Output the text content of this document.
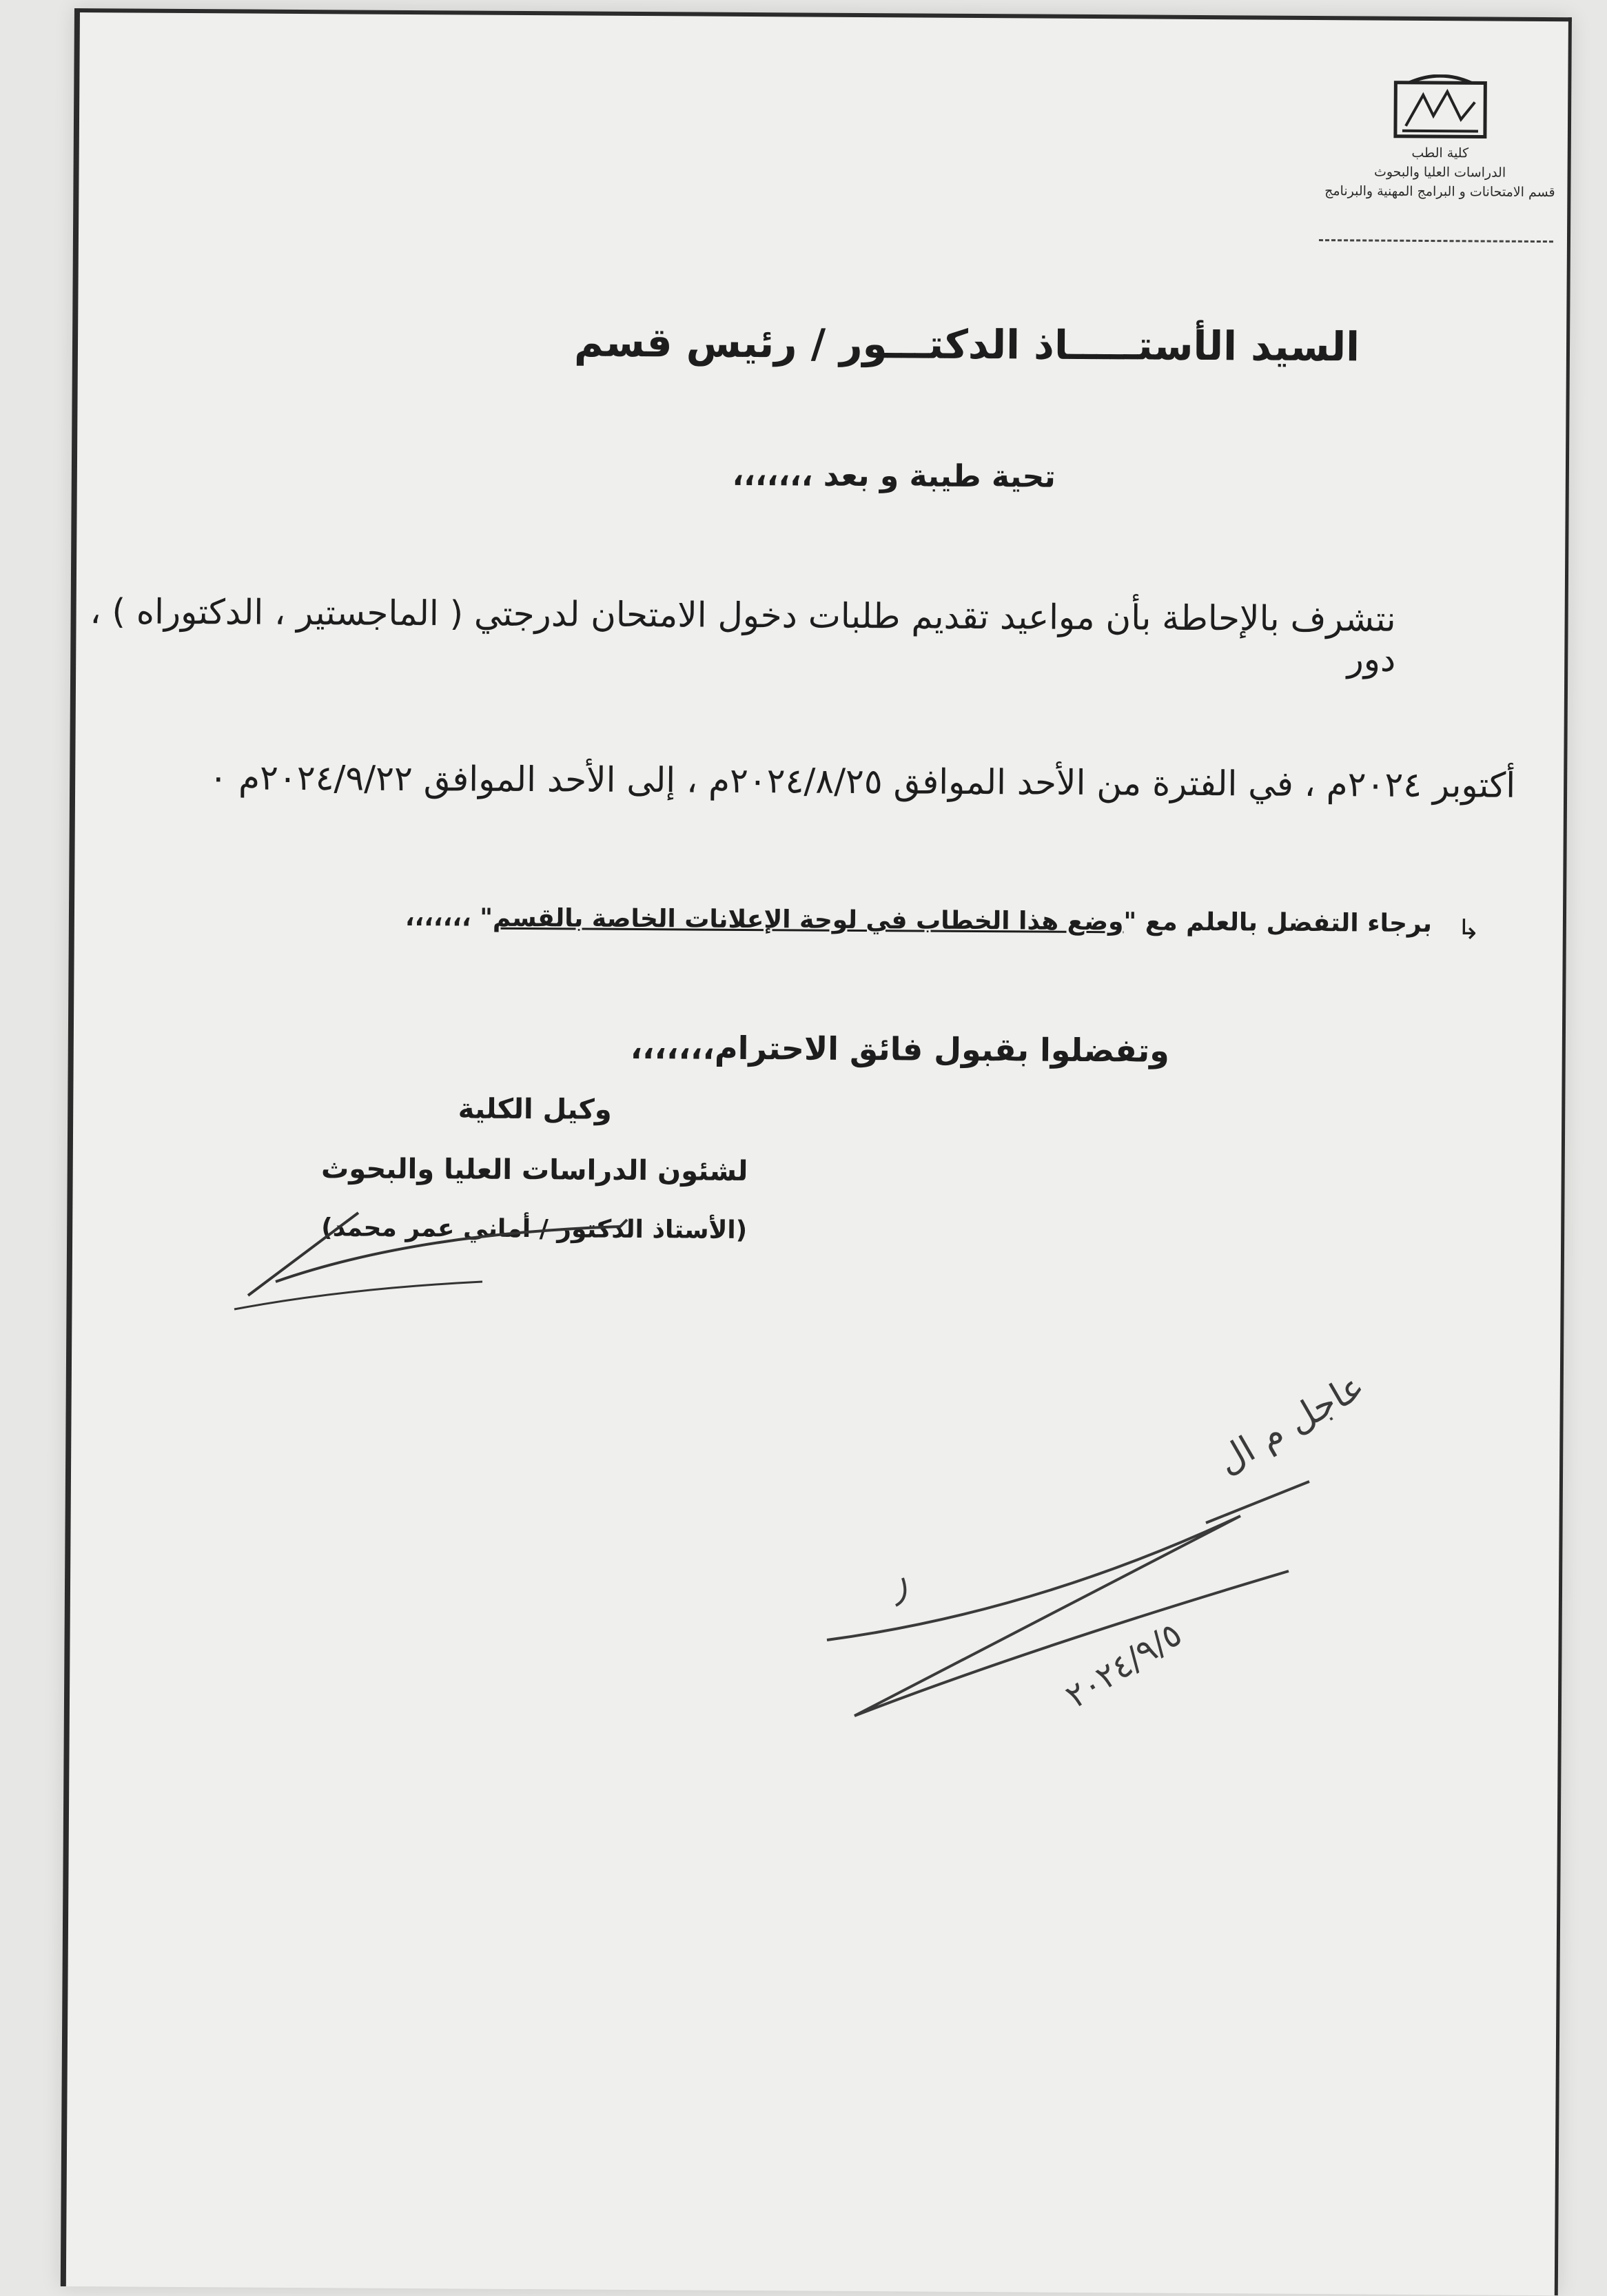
كلية الطب
الدراسات العليا والبحوث
قسم الامتحانات و البرامج المهنية والبرنامج
السيد الأستـــــاذ الدكتـــور / رئيس قسم
تحية طيبة و بعد ،،،،،،،
نتشرف بالإحاطة بأن مواعيد تقديم طلبات دخول الامتحان لدرجتي ( الماجستير ، الدكتوراه ) ، دور
أكتوبر ٢٠٢٤م ، في الفترة من الأحد الموافق ٢٠٢٤/٨/٢٥م ، إلى الأحد الموافق ٢٠٢٤/٩/٢٢م ٠
↳
برجاء التفضل بالعلم مع "وضع هذا الخطاب في لوحة الإعلانات الخاصة بالقسم" ،،،،،،،
وتفضلوا بقبول فائق الاحترام،،،،،،،
وكيل الكلية
لشئون الدراسات العليا والبحوث
(الأستاذ الدكتور / أماني عمر محمد)
عاجل م ال
٢٠٢٤/٩/٥
